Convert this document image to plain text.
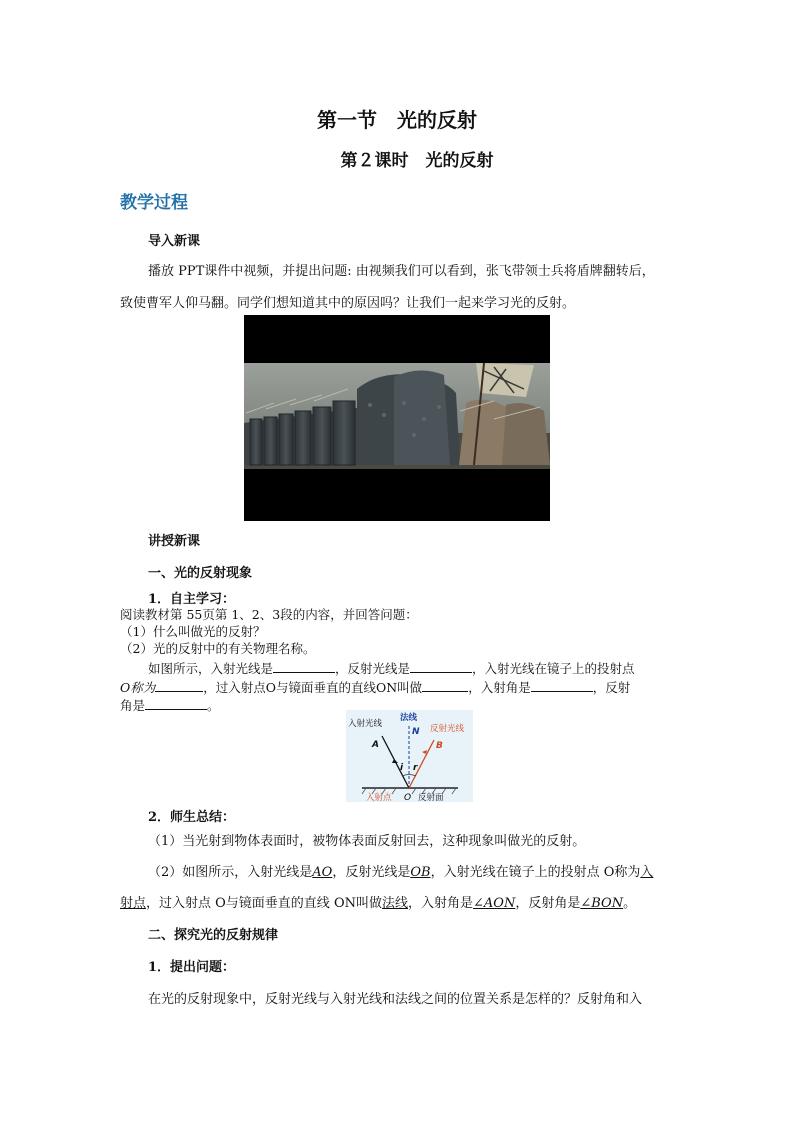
第一节　光的反射
第２课时　光的反射
教学过程
导入新课
播放 PPT课件中视频，并提出问题: 由视频我们可以看到，张飞带领士兵将盾牌翻转后，
致使曹军人仰马翻。同学们想知道其中的原因吗？让我们一起来学习光的反射。
讲授新课
一、光的反射现象
1．自主学习：
阅读教材第 55页第 1、2、3段的内容，并回答问题：
（1）什么叫做光的反射？
（2）光的反射中的有关物理名称。
如图所示，入射光线是	，反射光线是	，入射光线在镜子上的投射点
O称为	，过入射点O与镜面垂直的直线ON叫做	，入射角是	，反射
角是	。
入射光线
法线
反射光线
A	B
N
i r
入射点 O 反射面
2．师生总结：
（1）当光射到物体表面时，被物体表面反射回去，这种现象叫做光的反射。
（2）如图所示，入射光线是AO，反射光线是OB，入射光线在镜子上的投射点 O称为入
射点，过入射点 O与镜面垂直的直线 ON叫做法线，入射角是∠AON，反射角是∠BON。
二、探究光的反射规律
1．提出问题：
在光的反射现象中，反射光线与入射光线和法线之间的位置关系是怎样的？反射角和入
